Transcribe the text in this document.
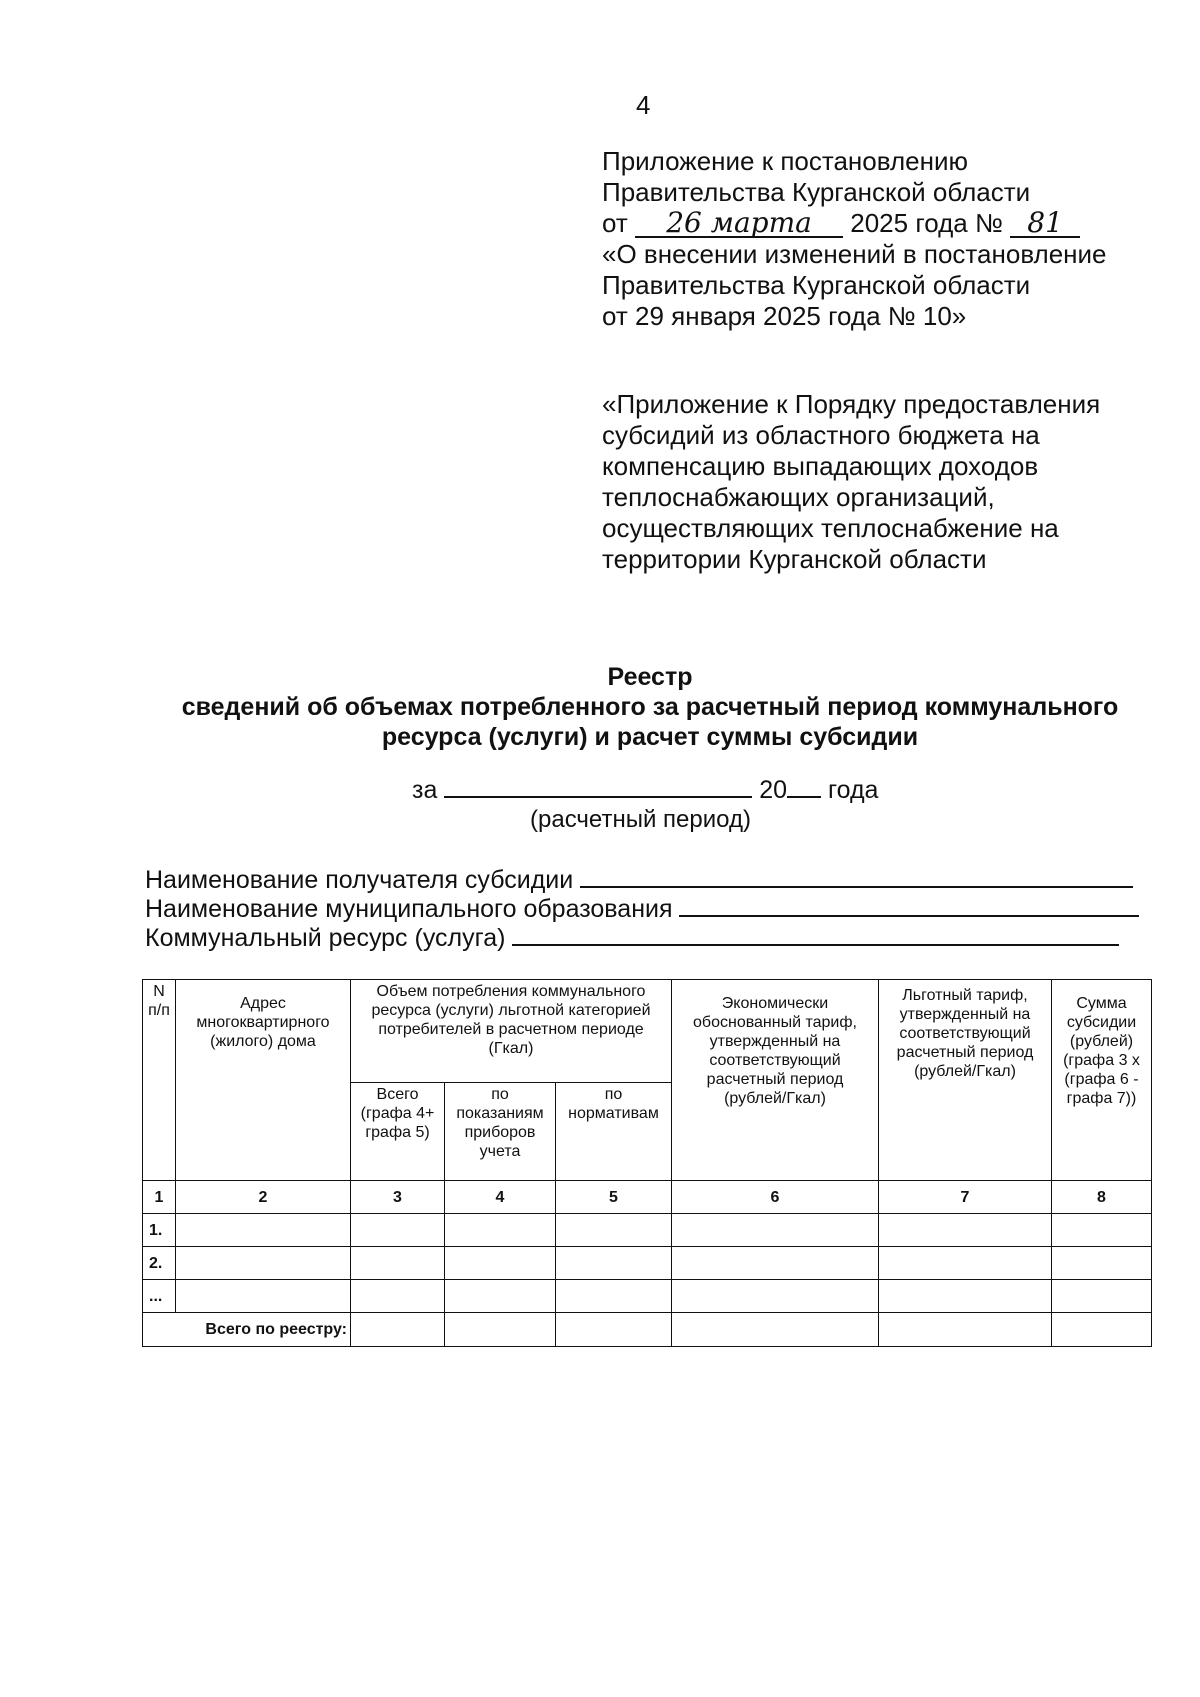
4
Приложение к постановлению
Правительства Курганской области
от 26 марта 2025 года № 81
«О внесении изменений в постановление
Правительства Курганской области
от 29 января 2025 года № 10»
«Приложение к Порядку предоставления
субсидий из областного бюджета на
компенсацию выпадающих доходов
теплоснабжающих организаций,
осуществляющих теплоснабжение на
территории Курганской области
Реестр
сведений об объемах потребленного за расчетный период коммунального
ресурса (услуги) и расчет суммы субсидии
за	20 года
(расчетный период)
Наименование получателя субсидии
Наименование муниципального образования
Коммунальный ресурс (услуга)
N п/п	Адрес многоквартирного (жилого) дома	Объем потребления коммунального ресурса (услуги) льготной категорией потребителей в расчетном периоде (Гкал)			Экономически обоснованный тариф, утвержденный на соответствующий расчетный период (рублей/Гкал)	Льготный тариф, утвержденный на соответствующий расчетный период (рублей/Гкал)	Сумма субсидии (рублей) (графа 3 x (графа 6 - графа 7))
		Всего (графа 4+ графа 5)	по показаниям приборов учета	по нормативам			
1	2	3	4	5	6	7	8
1.							
2.							
...							
Всего по реестру:							
